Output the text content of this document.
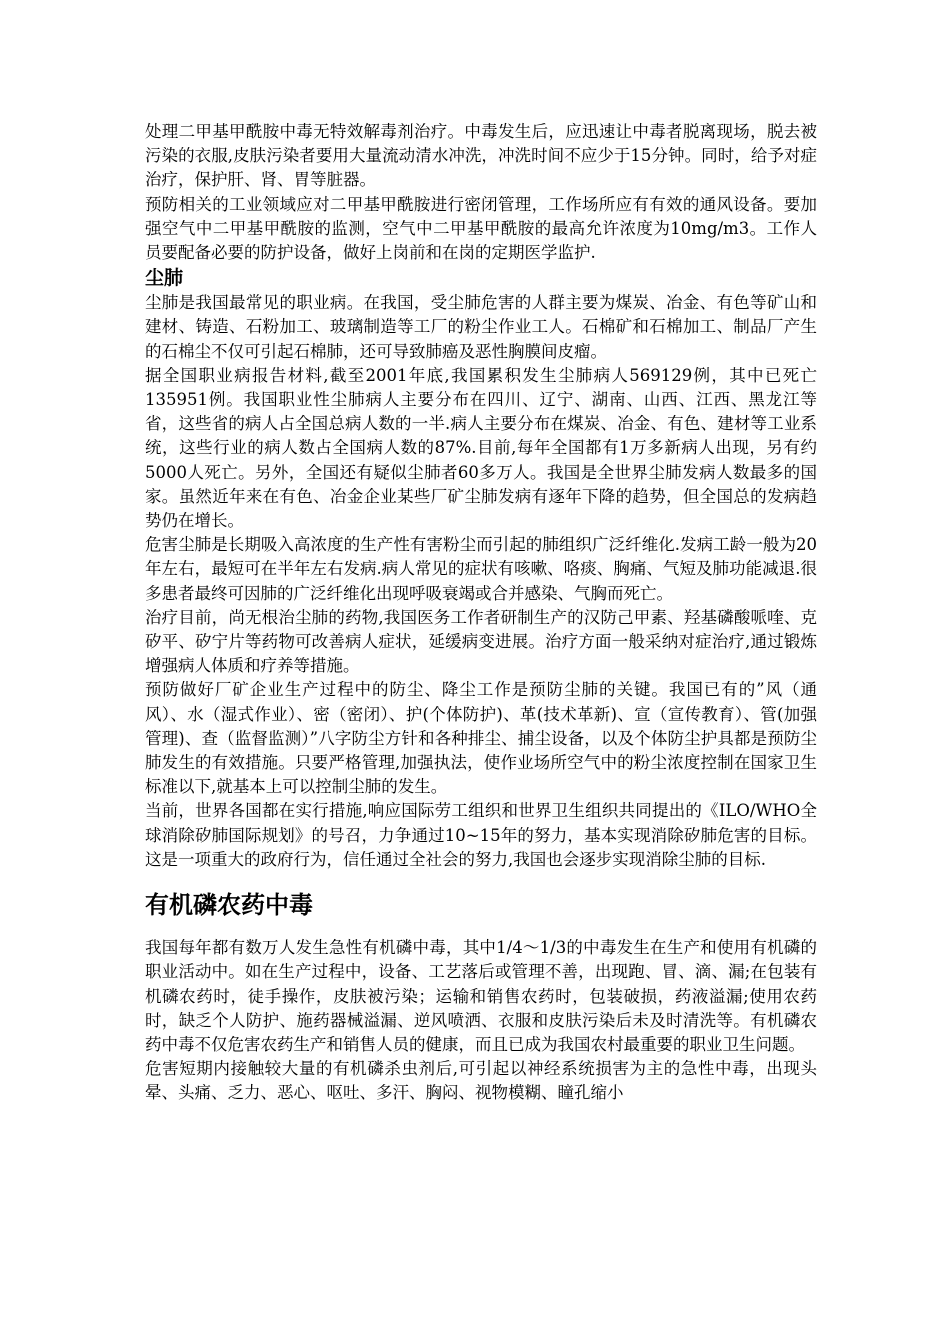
处理二甲基甲酰胺中毒无特效解毒剂治疗。中毒发生后，应迅速让中毒者脱离现场，脱去被污染的衣服,皮肤污染者要用大量流动清水冲洗，冲洗时间不应少于15分钟。同时，给予对症治疗，保护肝、肾、胃等脏器。

预防相关的工业领域应对二甲基甲酰胺进行密闭管理，工作场所应有有效的通风设备。要加强空气中二甲基甲酰胺的监测，空气中二甲基甲酰胺的最高允许浓度为10mg/m3。工作人员要配备必要的防护设备，做好上岗前和在岗的定期医学监护.

尘肺

尘肺是我国最常见的职业病。在我国，受尘肺危害的人群主要为煤炭、冶金、有色等矿山和建材、铸造、石粉加工、玻璃制造等工厂的粉尘作业工人。石棉矿和石棉加工、制品厂产生的石棉尘不仅可引起石棉肺，还可导致肺癌及恶性胸膜间皮瘤。

据全国职业病报告材料,截至2001年底,我国累积发生尘肺病人569129例，其中已死亡135951例。我国职业性尘肺病人主要分布在四川、辽宁、湖南、山西、江西、黑龙江等省，这些省的病人占全国总病人数的一半.病人主要分布在煤炭、冶金、有色、建材等工业系统，这些行业的病人数占全国病人数的87%.目前,每年全国都有1万多新病人出现，另有约5000人死亡。另外，全国还有疑似尘肺者60多万人。我国是全世界尘肺发病人数最多的国家。虽然近年来在有色、冶金企业某些厂矿尘肺发病有逐年下降的趋势，但全国总的发病趋势仍在增长。

危害尘肺是长期吸入高浓度的生产性有害粉尘而引起的肺组织广泛纤维化.发病工龄一般为20年左右，最短可在半年左右发病.病人常见的症状有咳嗽、咯痰、胸痛、气短及肺功能减退.很多患者最终可因肺的广泛纤维化出现呼吸衰竭或合并感染、气胸而死亡。

治疗目前，尚无根治尘肺的药物,我国医务工作者研制生产的汉防己甲素、羟基磷酸哌喹、克矽平、矽宁片等药物可改善病人症状，延缓病变进展。治疗方面一般采纳对症治疗,通过锻炼增强病人体质和疗养等措施。

预防做好厂矿企业生产过程中的防尘、降尘工作是预防尘肺的关键。我国已有的”风（通风）、水（湿式作业）、密（密闭）、护(个体防护)、革(技术革新)、宣（宣传教育）、管(加强管理)、查（监督监测）”八字防尘方针和各种排尘、捕尘设备，以及个体防尘护具都是预防尘肺发生的有效措施。只要严格管理,加强执法，使作业场所空气中的粉尘浓度控制在国家卫生标准以下,就基本上可以控制尘肺的发生。

当前，世界各国都在实行措施,响应国际劳工组织和世界卫生组织共同提出的《ILO/WHO全球消除矽肺国际规划》的号召，力争通过10~15年的努力，基本实现消除矽肺危害的目标。这是一项重大的政府行为，信任通过全社会的努力,我国也会逐步实现消除尘肺的目标.

有机磷农药中毒

我国每年都有数万人发生急性有机磷中毒，其中1/4～1/3的中毒发生在生产和使用有机磷的职业活动中。如在生产过程中，设备、工艺落后或管理不善，出现跑、冒、滴、漏;在包装有机磷农药时，徒手操作，皮肤被污染；运输和销售农药时，包装破损，药液溢漏;使用农药时，缺乏个人防护、施药器械溢漏、逆风喷洒、衣服和皮肤污染后未及时清洗等。有机磷农药中毒不仅危害农药生产和销售人员的健康，而且已成为我国农村最重要的职业卫生问题。

危害短期内接触较大量的有机磷杀虫剂后,可引起以神经系统损害为主的急性中毒，出现头晕、头痛、乏力、恶心、呕吐、多汗、胸闷、视物模糊、瞳孔缩小
